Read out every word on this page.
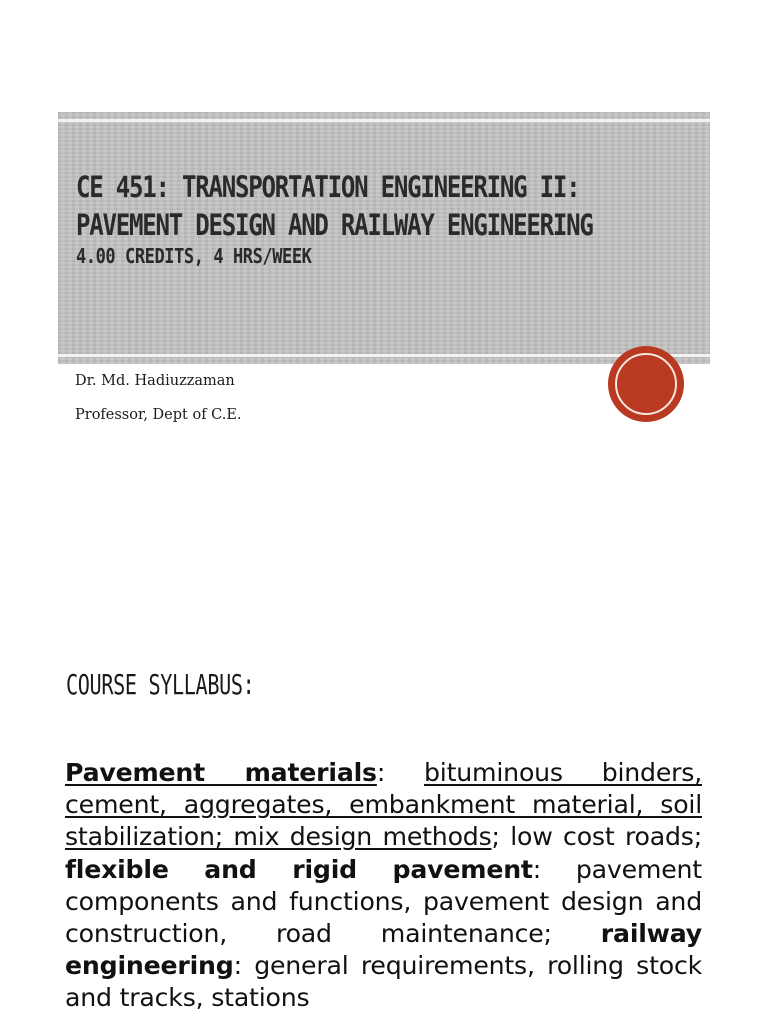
CE 451: TRANSPORTATION ENGINEERING II:
PAVEMENT DESIGN AND RAILWAY ENGINEERING
4.00 CREDITS, 4 HRS/WEEK
Dr. Md. Hadiuzzaman
Professor, Dept of C.E.
COURSE SYLLABUS:
Pavement materials: bituminous binders, cement, aggregates, embankment material, soil stabilization; mix design methods; low cost roads; flexible and rigid pavement: pavement components and functions, pavement design and construction, road maintenance; railway engineering: general requirements, rolling stock and tracks, stations
